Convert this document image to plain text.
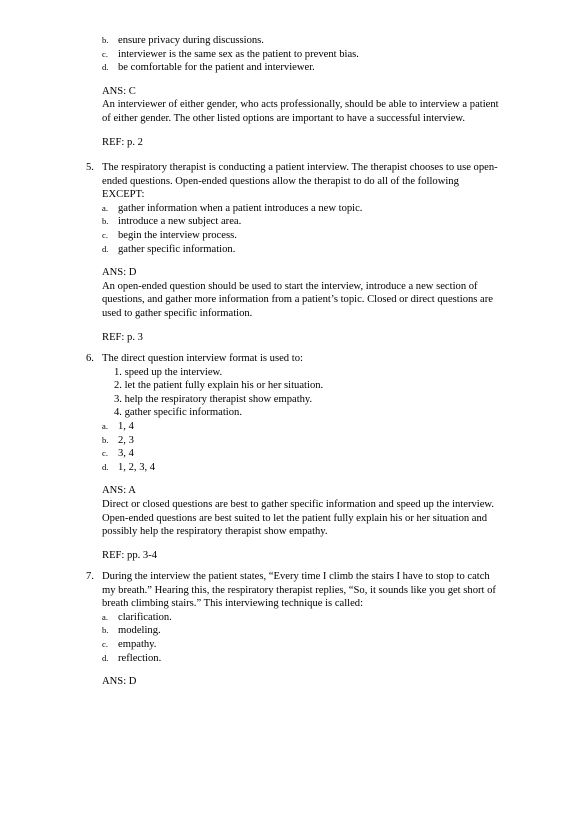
b. ensure privacy during discussions.
c. interviewer is the same sex as the patient to prevent bias.
d. be comfortable for the patient and interviewer.
ANS: C
An interviewer of either gender, who acts professionally, should be able to interview a patient
of either gender. The other listed options are important to have a successful interview.
REF: p. 2
5. The respiratory therapist is conducting a patient interview. The therapist chooses to use open-
ended questions. Open-ended questions allow the therapist to do all of the following
EXCEPT:
a. gather information when a patient introduces a new topic.
b. introduce a new subject area.
c. begin the interview process.
d. gather specific information.
ANS: D
An open-ended question should be used to start the interview, introduce a new section of
questions, and gather more information from a patient’s topic. Closed or direct questions are
used to gather specific information.
REF: p. 3
6. The direct question interview format is used to:
1. speed up the interview.
2. let the patient fully explain his or her situation.
3. help the respiratory therapist show empathy.
4. gather specific information.
a. 1, 4
b. 2, 3
c. 3, 4
d. 1, 2, 3, 4
ANS: A
Direct or closed questions are best to gather specific information and speed up the interview.
Open-ended questions are best suited to let the patient fully explain his or her situation and
possibly help the respiratory therapist show empathy.
REF: pp. 3-4
7. During the interview the patient states, “Every time I climb the stairs I have to stop to catch
my breath.” Hearing this, the respiratory therapist replies, “So, it sounds like you get short of
breath climbing stairs.” This interviewing technique is called:
a. clarification.
b. modeling.
c. empathy.
d. reflection.
ANS: D
